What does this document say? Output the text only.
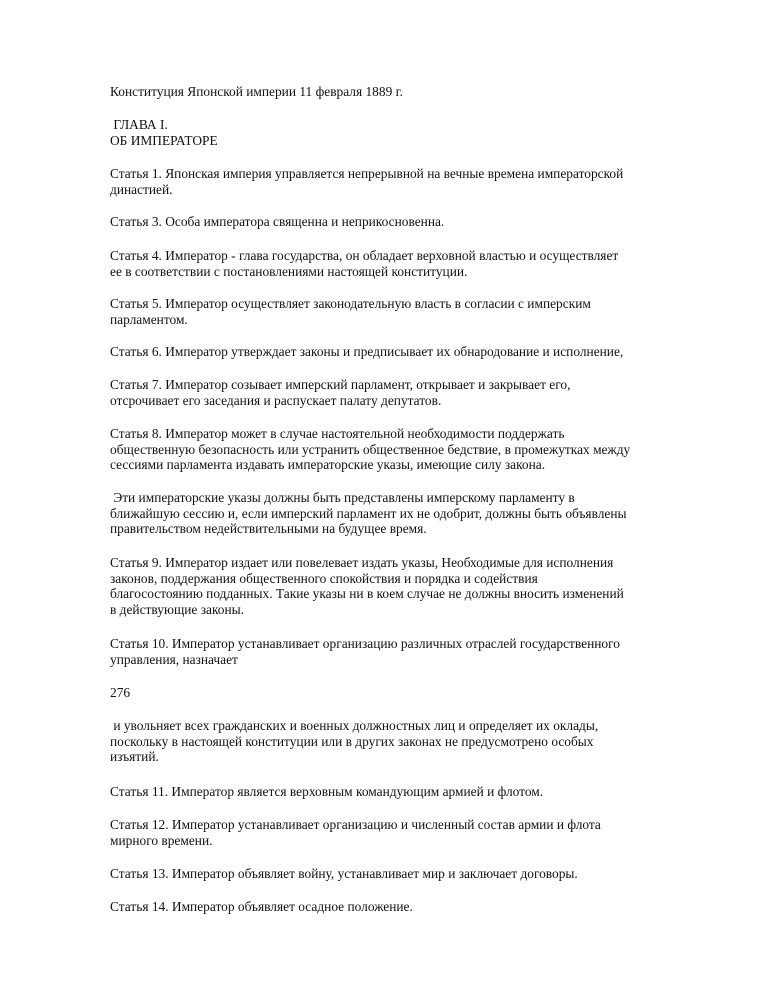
Конституция Японской империи 11 февраля 1889 г.

ГЛАВА I.
ОБ ИМПЕРАТОРЕ

Статья 1. Японская империя управляется непрерывной на вечные времена императорской
династией.

Статья 3. Особа императора священна и неприкосновенна.

Статья 4. Император - глава государства, он обладает верховной властью и осуществляет
ее в соответствии с постановлениями настоящей конституции.

Статья 5. Император осуществляет законодательную власть в согласии с имперским
парламентом.

Статья 6. Император утверждает законы и предписывает их обнародование и исполнение,

Статья 7. Император созывает имперский парламент, открывает и закрывает его,
отсрочивает его заседания и распускает палату депутатов.

Статья 8. Император может в случае настоятельной необходимости поддержать
общественную безопасность или устранить общественное бедствие, в промежутках между
сессиями парламента издавать императорские указы, имеющие силу закона.

Эти императорские указы должны быть представлены имперскому парламенту в
ближайшую сессию и, если имперский парламент их не одобрит, должны быть объявлены
правительством недействительными на будущее время.

Статья 9. Император издает или повелевает издать указы, Необходимые для исполнения
законов, поддержания общественного спокойствия и порядка и содействия
благосостоянию подданных. Такие указы ни в коем случае не должны вносить изменений
в действующие законы.

Статья 10. Император устанавливает организацию различных отраслей государственного
управления, назначает

276

и увольняет всех гражданских и военных должностных лиц и определяет их оклады,
поскольку в настоящей конституции или в других законах не предусмотрено особых
изъятий.

Статья 11. Император является верховным командующим армией и флотом.

Статья 12. Император устанавливает организацию и численный состав армии и флота
мирного времени.

Статья 13. Император объявляет войну, устанавливает мир и заключает договоры.

Статья 14. Император объявляет осадное положение.
